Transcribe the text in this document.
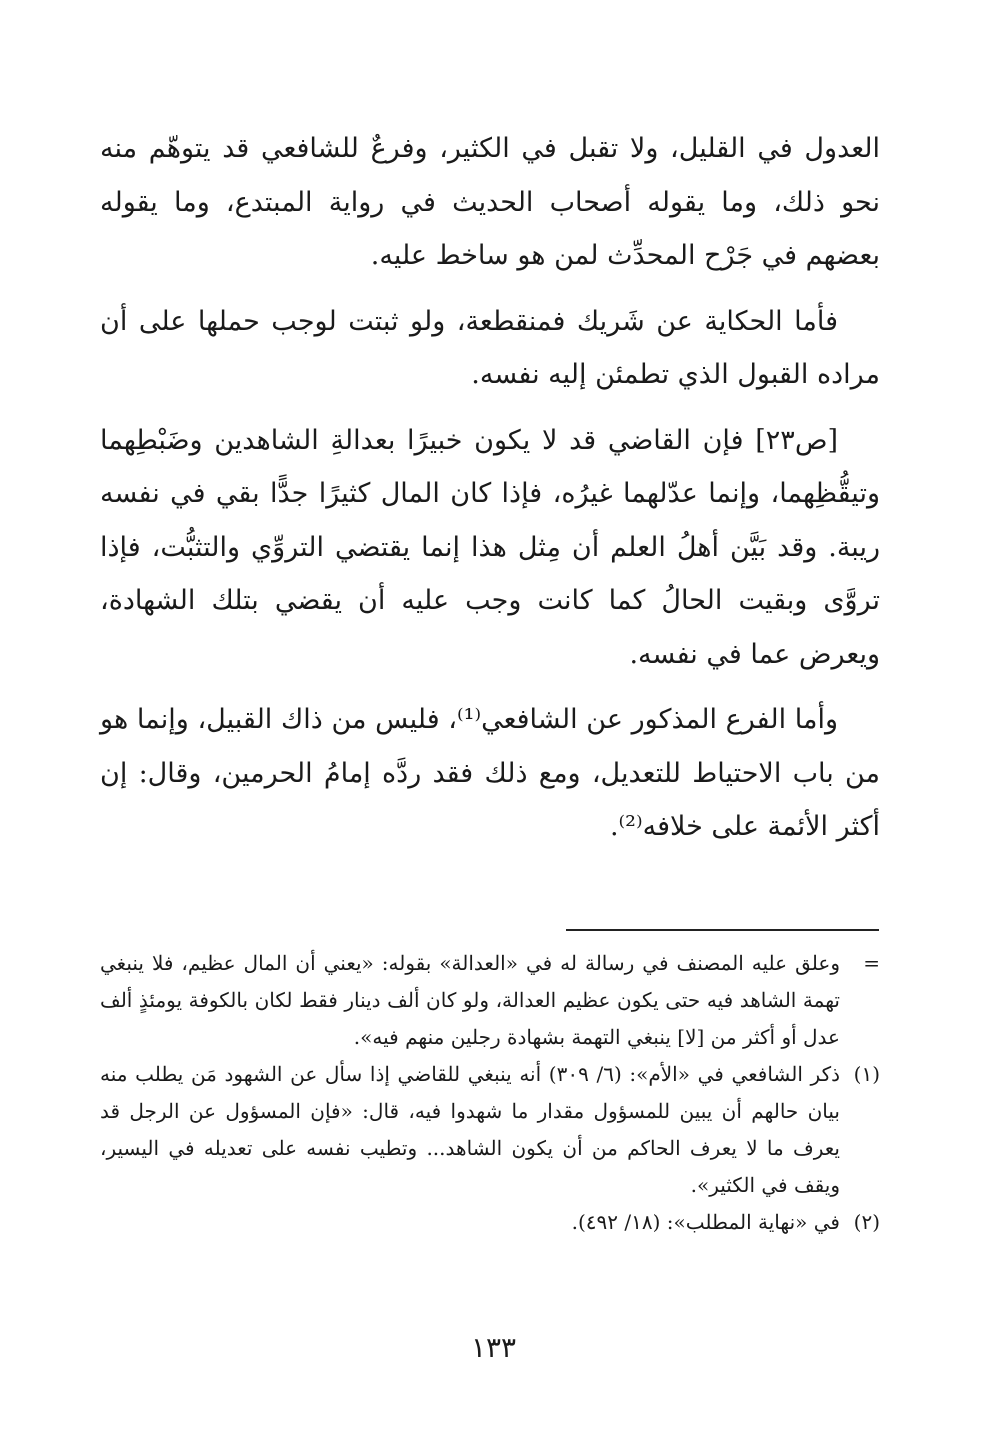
العدول في القليل، ولا تقبل في الكثير، وفرعٌ للشافعي قد يتوهّم منه نحو ذلك، وما يقوله أصحاب الحديث في رواية المبتدع، وما يقوله بعضهم في جَرْح المحدِّث لمن هو ساخط عليه.

فأما الحكاية عن شَريك فمنقطعة، ولو ثبتت لوجب حملها على أن مراده القبول الذي تطمئن إليه نفسه.

[ص٢٣] فإن القاضي قد لا يكون خبيرًا بعدالةِ الشاهدين وضَبْطِهما وتيقُّظِهما، وإنما عدّلهما غيرُه، فإذا كان المال كثيرًا جدًّا بقي في نفسه ريبة. وقد بَيَّن أهلُ العلم أن مِثل هذا إنما يقتضي التروِّي والتثبُّت، فإذا تروَّى وبقيت الحالُ كما كانت وجب عليه أن يقضي بتلك الشهادة، ويعرض عما في نفسه.

وأما الفرع المذكور عن الشافعي⁽¹⁾، فليس من ذاك القبيل، وإنما هو من باب الاحتياط للتعديل، ومع ذلك فقد ردَّه إمامُ الحرمين، وقال: إن أكثر الأئمة على خلافه⁽²⁾.

=
وعلق عليه المصنف في رسالة له في «العدالة» بقوله: «يعني أن المال عظيم، فلا ينبغي تهمة الشاهد فيه حتى يكون عظيم العدالة، ولو كان ألف دينار فقط لكان بالكوفة يومئذٍ ألف عدل أو أكثر من [لا] ينبغي التهمة بشهادة رجلين منهم فيه».
(١)
ذكر الشافعي في «الأم»: (٦/ ٣٠٩) أنه ينبغي للقاضي إذا سأل عن الشهود مَن يطلب منه بيان حالهم أن يبين للمسؤول مقدار ما شهدوا فيه، قال: «فإن المسؤول عن الرجل قد يعرف ما لا يعرف الحاكم من أن يكون الشاهد... وتطيب نفسه على تعديله في اليسير، ويقف في الكثير».
(٢)
في «نهاية المطلب»: (١٨/ ٤٩٢).
١٣٣
